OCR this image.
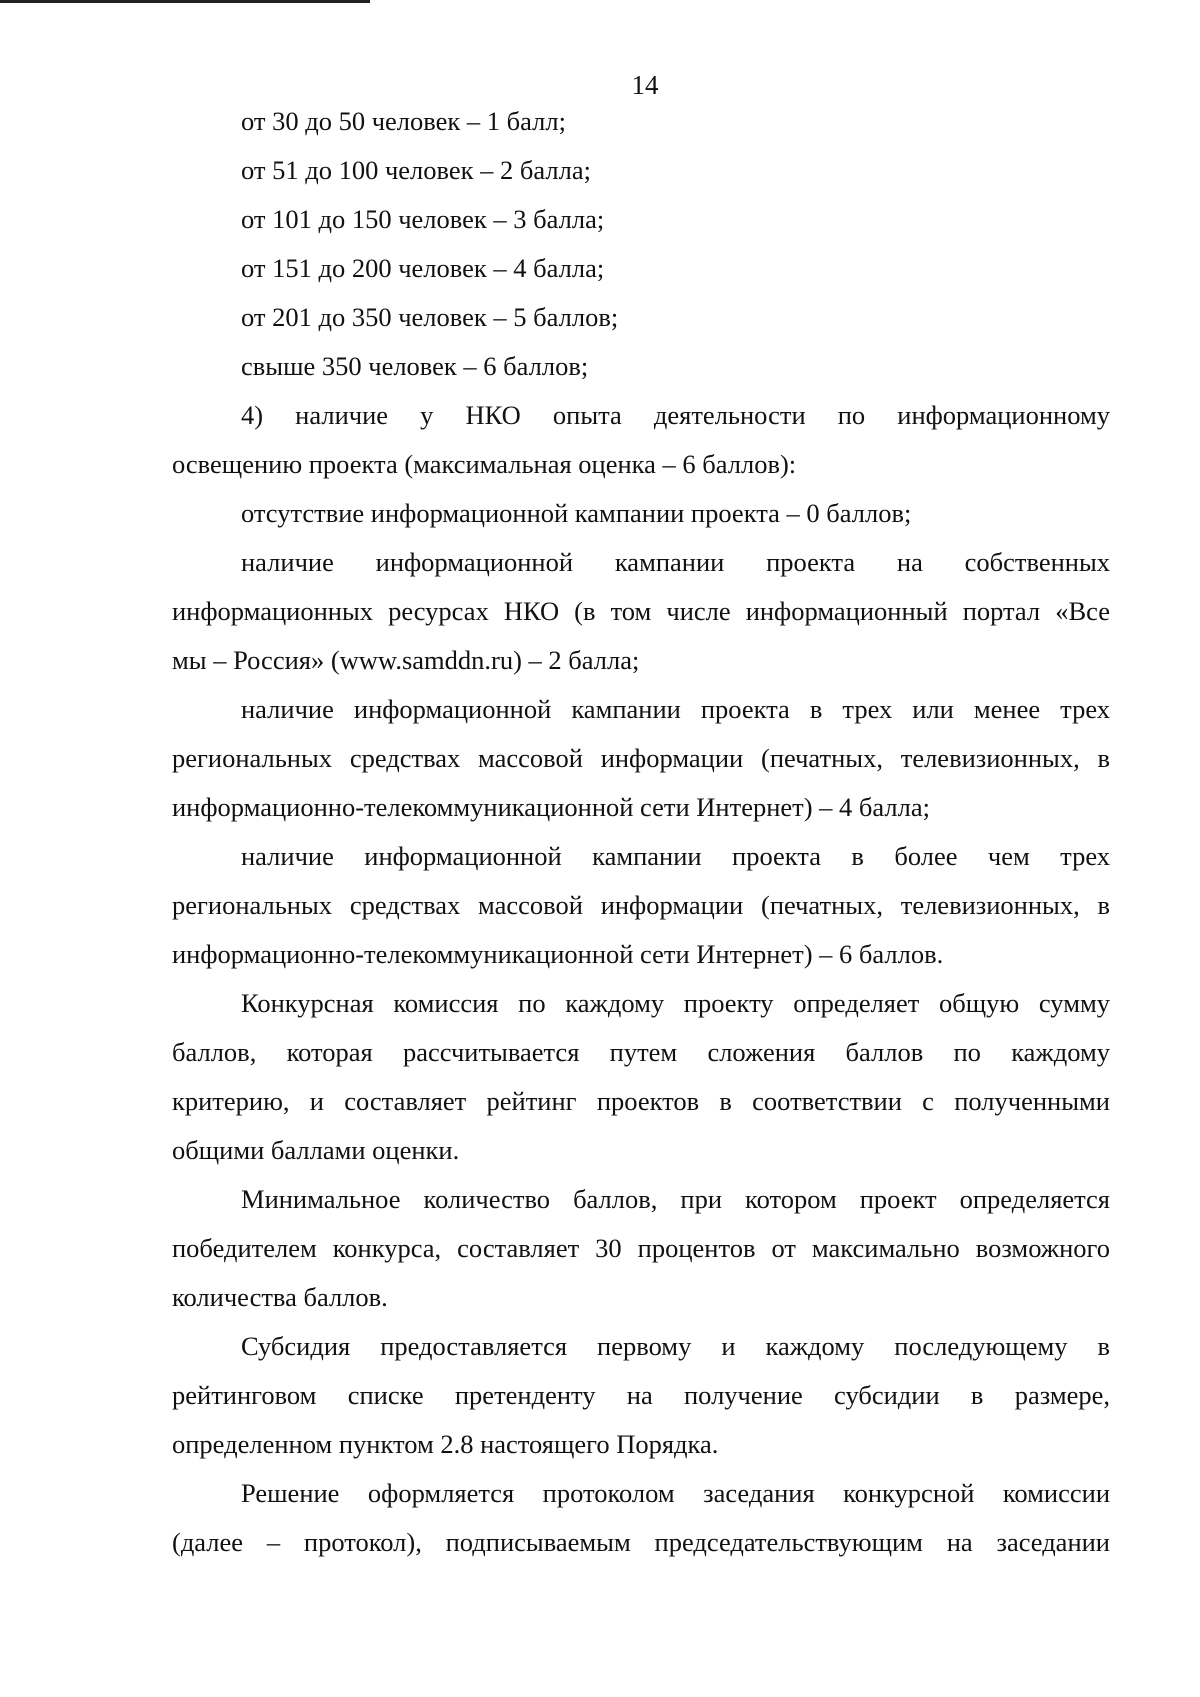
14
от 30 до 50 человек – 1 балл;
от 51 до 100 человек – 2 балла;
от 101 до 150 человек – 3 балла;
от 151 до 200 человек – 4 балла;
от 201 до 350 человек – 5 баллов;
свыше 350 человек – 6 баллов;
4) наличие у НКО опыта деятельности по информационному
освещению проекта (максимальная оценка – 6 баллов):
отсутствие информационной кампании проекта – 0 баллов;
наличие информационной кампании проекта на собственных
информационных ресурсах НКО (в том числе информационный портал «Все
мы – Россия» (www.samddn.ru) – 2 балла;
наличие информационной кампании проекта в трех или менее трех
региональных средствах массовой информации (печатных, телевизионных, в
информационно-телекоммуникационной сети Интернет) – 4 балла;
наличие информационной кампании проекта в более чем трех
региональных средствах массовой информации (печатных, телевизионных, в
информационно-телекоммуникационной сети Интернет) – 6 баллов.
Конкурсная комиссия по каждому проекту определяет общую сумму
баллов, которая рассчитывается путем сложения баллов по каждому
критерию, и составляет рейтинг проектов в соответствии с полученными
общими баллами оценки.
Минимальное количество баллов, при котором проект определяется
победителем конкурса, составляет 30 процентов от максимально возможного
количества баллов.
Субсидия предоставляется первому и каждому последующему в
рейтинговом списке претенденту на получение субсидии в размере,
определенном пунктом 2.8 настоящего Порядка.
Решение оформляется протоколом заседания конкурсной комиссии
(далее – протокол), подписываемым председательствующим на заседании
